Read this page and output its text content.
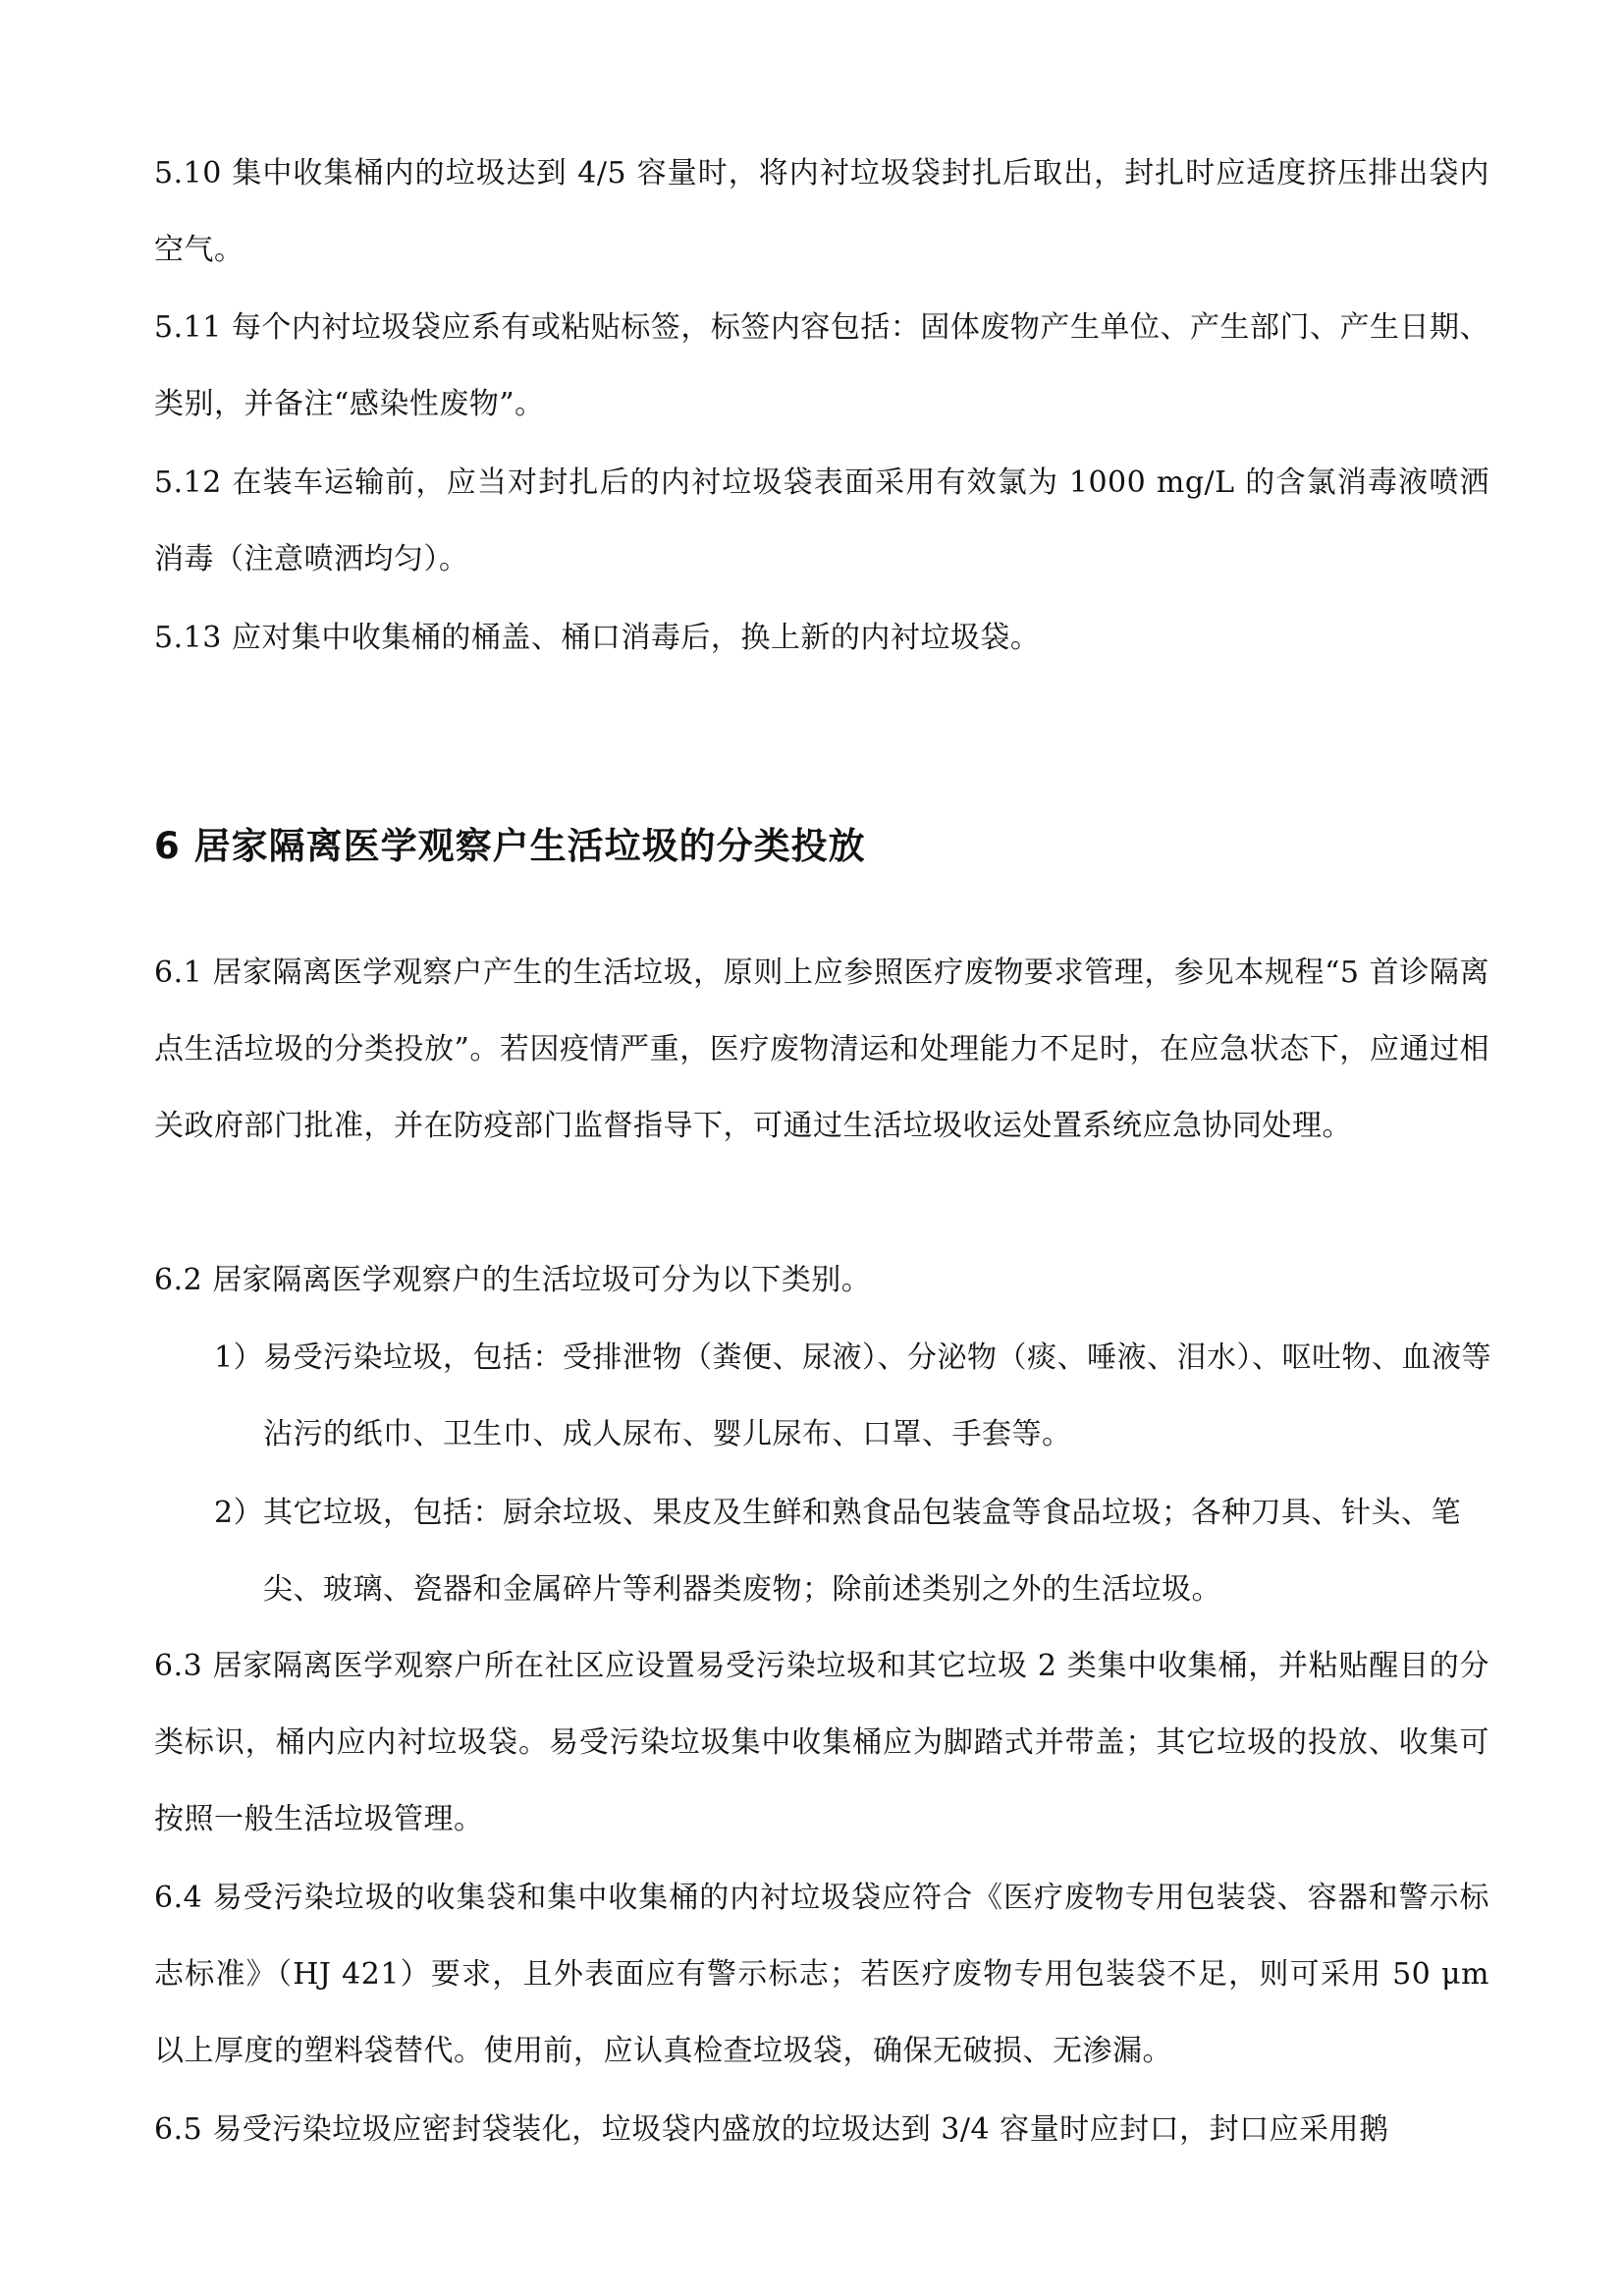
5.10 集中收集桶内的垃圾达到 4/5 容量时，将内衬垃圾袋封扎后取出，封扎时应适度挤压排出袋内空气。

5.11 每个内衬垃圾袋应系有或粘贴标签，标签内容包括：固体废物产生单位、产生部门、产生日期、类别，并备注“感染性废物”。

5.12 在装车运输前，应当对封扎后的内衬垃圾袋表面采用有效氯为 1000 mg/L 的含氯消毒液喷洒消毒（注意喷洒均匀）。

5.13 应对集中收集桶的桶盖、桶口消毒后，换上新的内衬垃圾袋。

6 居家隔离医学观察户生活垃圾的分类投放

6.1 居家隔离医学观察户产生的生活垃圾，原则上应参照医疗废物要求管理，参见本规程“5 首诊隔离点生活垃圾的分类投放”。若因疫情严重，医疗废物清运和处理能力不足时，在应急状态下，应通过相关政府部门批准，并在防疫部门监督指导下，可通过生活垃圾收运处置系统应急协同处理。

6.2 居家隔离医学观察户的生活垃圾可分为以下类别。

1） 易受污染垃圾，包括：受排泄物（粪便、尿液）、分泌物（痰、唾液、泪水）、呕吐物、血液等沾污的纸巾、卫生巾、成人尿布、婴儿尿布、口罩、手套等。
2） 其它垃圾，包括：厨余垃圾、果皮及生鲜和熟食品包装盒等食品垃圾；各种刀具、针头、笔尖、玻璃、瓷器和金属碎片等利器类废物；除前述类别之外的生活垃圾。

6.3 居家隔离医学观察户所在社区应设置易受污染垃圾和其它垃圾 2 类集中收集桶，并粘贴醒目的分类标识，桶内应内衬垃圾袋。易受污染垃圾集中收集桶应为脚踏式并带盖；其它垃圾的投放、收集可按照一般生活垃圾管理。

6.4 易受污染垃圾的收集袋和集中收集桶的内衬垃圾袋应符合《医疗废物专用包装袋、容器和警示标志标准》（HJ 421）要求，且外表面应有警示标志；若医疗废物专用包装袋不足，则可采用 50 μm 以上厚度的塑料袋替代。使用前，应认真检查垃圾袋，确保无破损、无渗漏。

6.5 易受污染垃圾应密封袋装化，垃圾袋内盛放的垃圾达到 3/4 容量时应封口，封口应采用鹅
